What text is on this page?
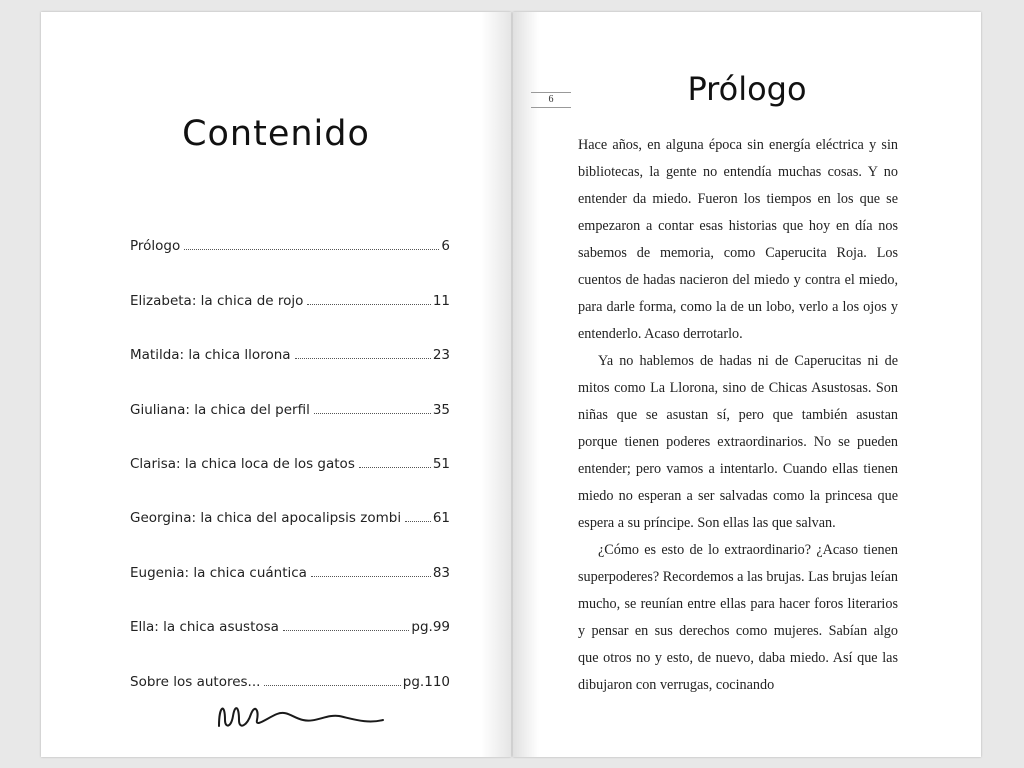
Contenido
Prólogo	6
Elizabeta: la chica de rojo	11
Matilda: la chica llorona	23
Giuliana: la chica del perfil	35
Clarisa: la chica loca de los gatos	51
Georgina: la chica del apocalipsis zombi 61
Eugenia: la chica cuántica	83
Ella: la chica asustosa	pg.99
Sobre los autores...	pg.110
6	Prólogo

Hace años, en alguna época sin energía eléctrica y sin bibliotecas, la gente no entendía muchas cosas. Y no entender da miedo. Fueron los tiempos en los que se empezaron a contar esas historias que hoy en día nos sabemos de memoria, como Caperucita Roja. Los cuentos de hadas nacieron del miedo y contra el miedo, para darle forma, como la de un lobo, verlo a los ojos y entenderlo. Acaso derrotarlo.

Ya no hablemos de hadas ni de Caperucitas ni de mitos como La Llorona, sino de Chicas Asustosas. Son niñas que se asustan sí, pero que también asustan porque tienen poderes extraordinarios. No se pueden entender; pero vamos a intentarlo. Cuando ellas tienen miedo no esperan a ser salvadas como la princesa que espera a su príncipe. Son ellas las que salvan.

¿Cómo es esto de lo extraordinario? ¿Acaso tienen superpoderes? Recordemos a las brujas. Las brujas leían mucho, se reunían entre ellas para hacer foros literarios y pensar en sus derechos como mujeres. Sabían algo que otros no y esto, de nuevo, daba miedo. Así que las dibujaron con verrugas, cocinando
